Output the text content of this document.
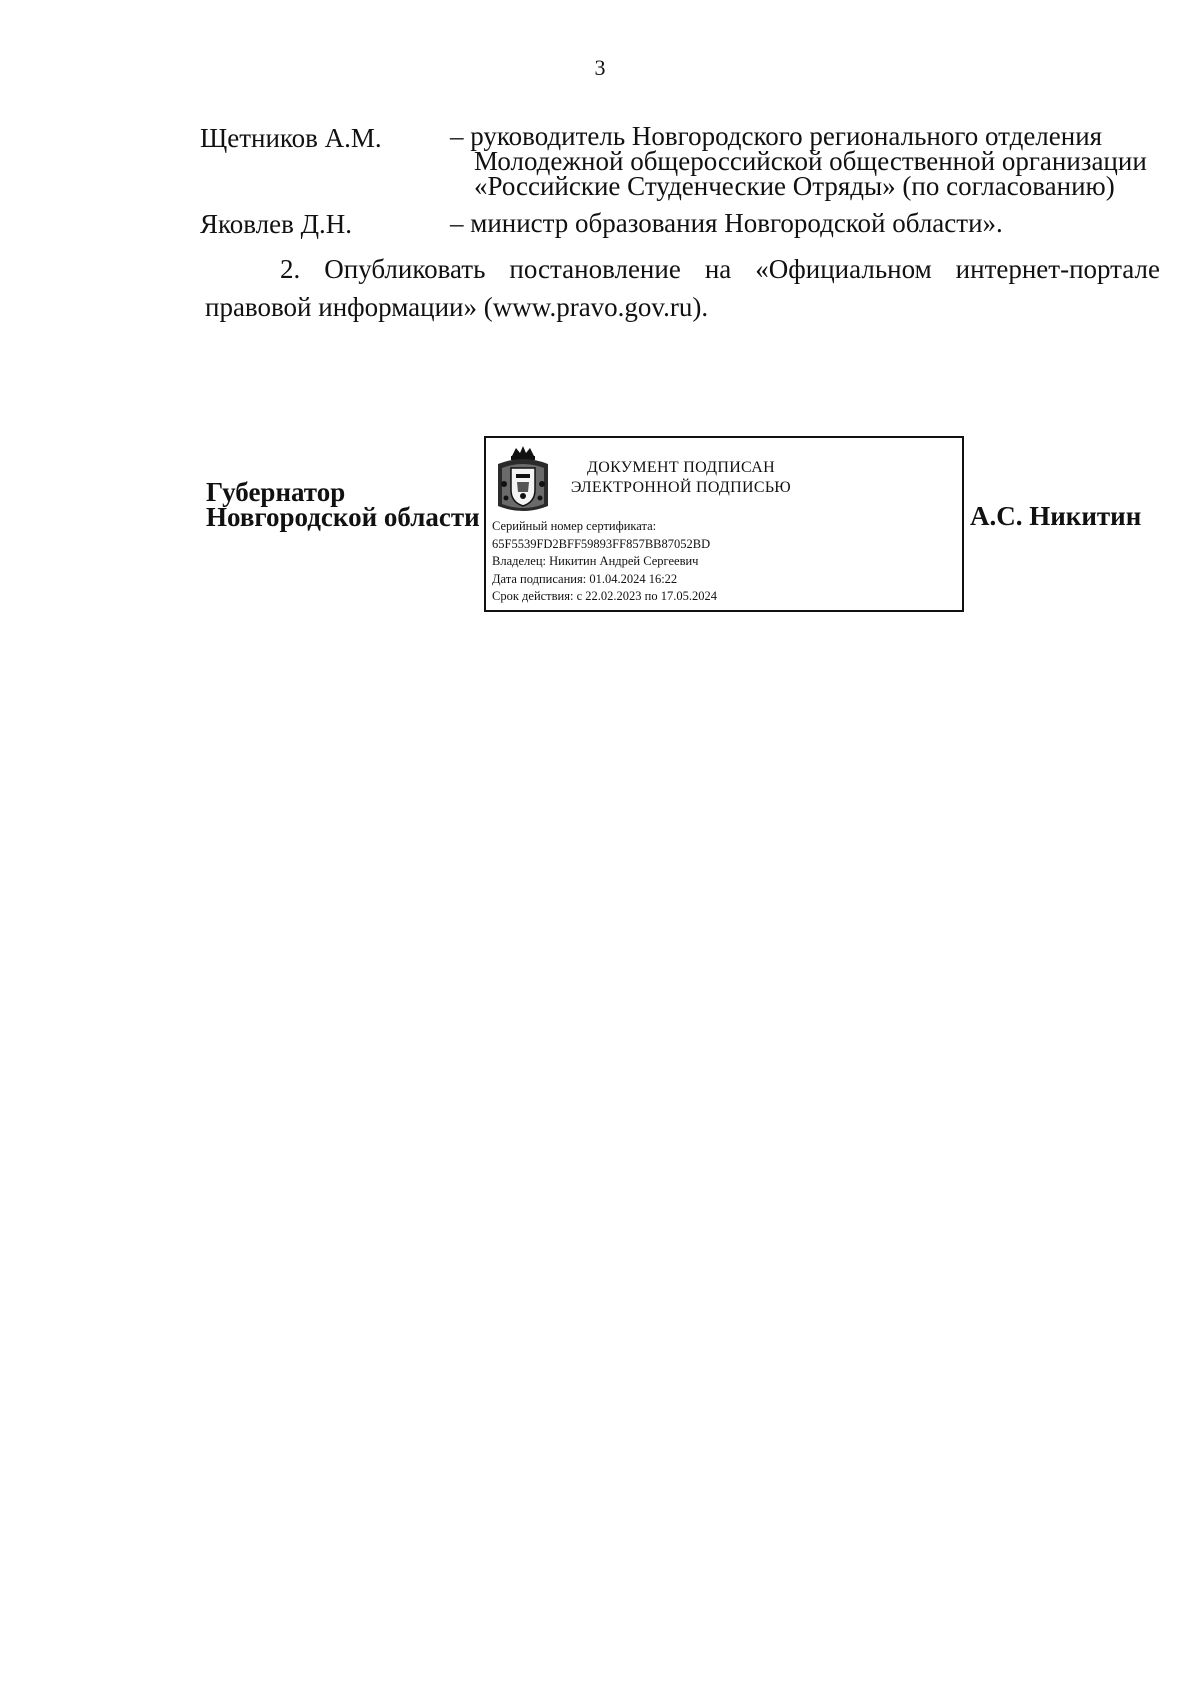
3
Щетников А.М.	– руководитель Новгородского регионального отделения
Молодежной общероссийской общественной организации
«Российские Студенческие Отряды» (по согласованию)
Яковлев Д.Н.	– министр образования Новгородской области».
2. Опубликовать постановление на «Официальном интернет-портале
правовой информации» (www.pravo.gov.ru).
Губернатор
Новгородской области
ДОКУМЕНТ ПОДПИСАН
ЭЛЕКТРОННОЙ ПОДПИСЬЮ
Серийный номер сертификата:
65F5539FD2BFF59893FF857BB87052BD
Владелец: Никитин Андрей Сергеевич
Дата подписания: 01.04.2024 16:22
Срок действия: с 22.02.2023 по 17.05.2024
А.С. Никитин
